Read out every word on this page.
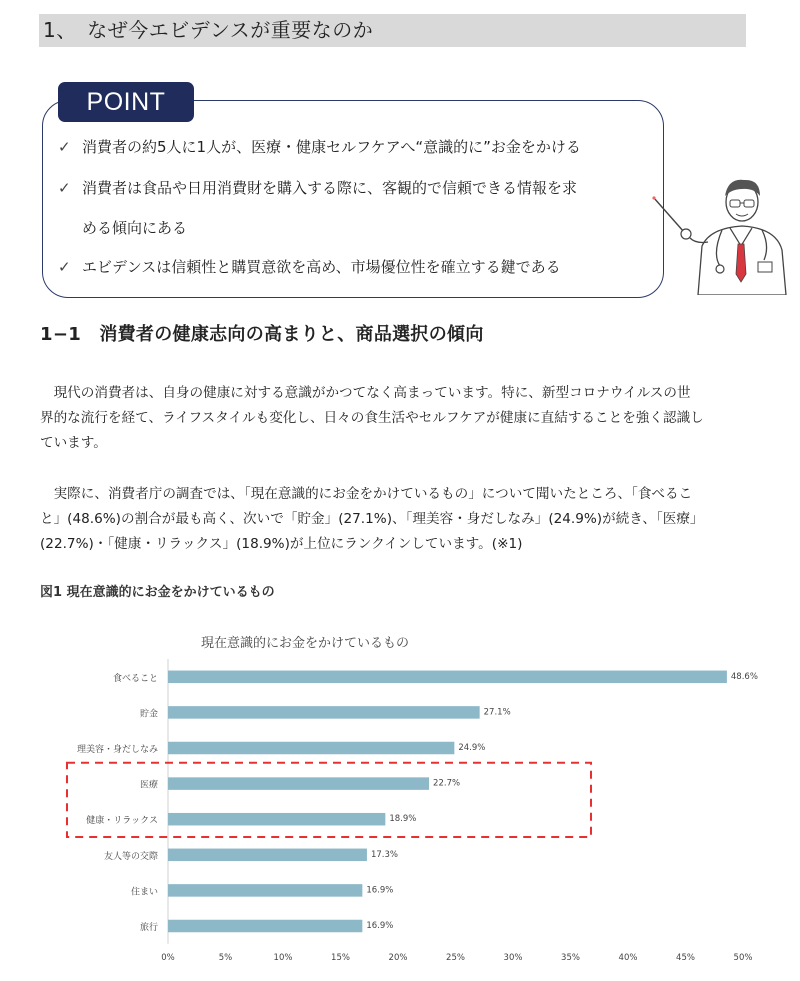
1、　なぜ今エビデンスが重要なのか
POINT
✓ 消費者の約5人に1人が、医療・健康セルフケアへ“意識的に”お金をかける
✓ 消費者は食品や日用消費財を購入する際に、客観的で信頼できる情報を求
める傾向にある
✓ エビデンスは信頼性と購買意欲を高め、市場優位性を確立する鍵である
1−1　消費者の健康志向の高まりと、商品選択の傾向
　現代の消費者は、自身の健康に対する意識がかつてなく高まっています。特に、新型コロナウイルスの世
界的な流行を経て、ライフスタイルも変化し、日々の食生活やセルフケアが健康に直結することを強く認識し
ています。
　実際に、消費者庁の調査では、「現在意識的にお金をかけているもの」について聞いたところ、「食べるこ
と」(48.6%)の割合が最も高く、次いで「貯金」(27.1%)、「理美容・身だしなみ」(24.9%)が続き、「医療」
(22.7%)・「健康・リラックス」(18.9%)が上位にランクインしています。(※1)
図1 現在意識的にお金をかけているもの
現在意識的にお金をかけているもの
食べること	48.6%
貯金	27.1%
理美容・身だしなみ	24.9%
医療	22.7%
健康・リラックス	18.9%
友人等の交際	17.3%
住まい	16.9%
旅行	16.9%
0%	5%	10%	15%	20%	25%	30%	35%	40%	45%	50%
